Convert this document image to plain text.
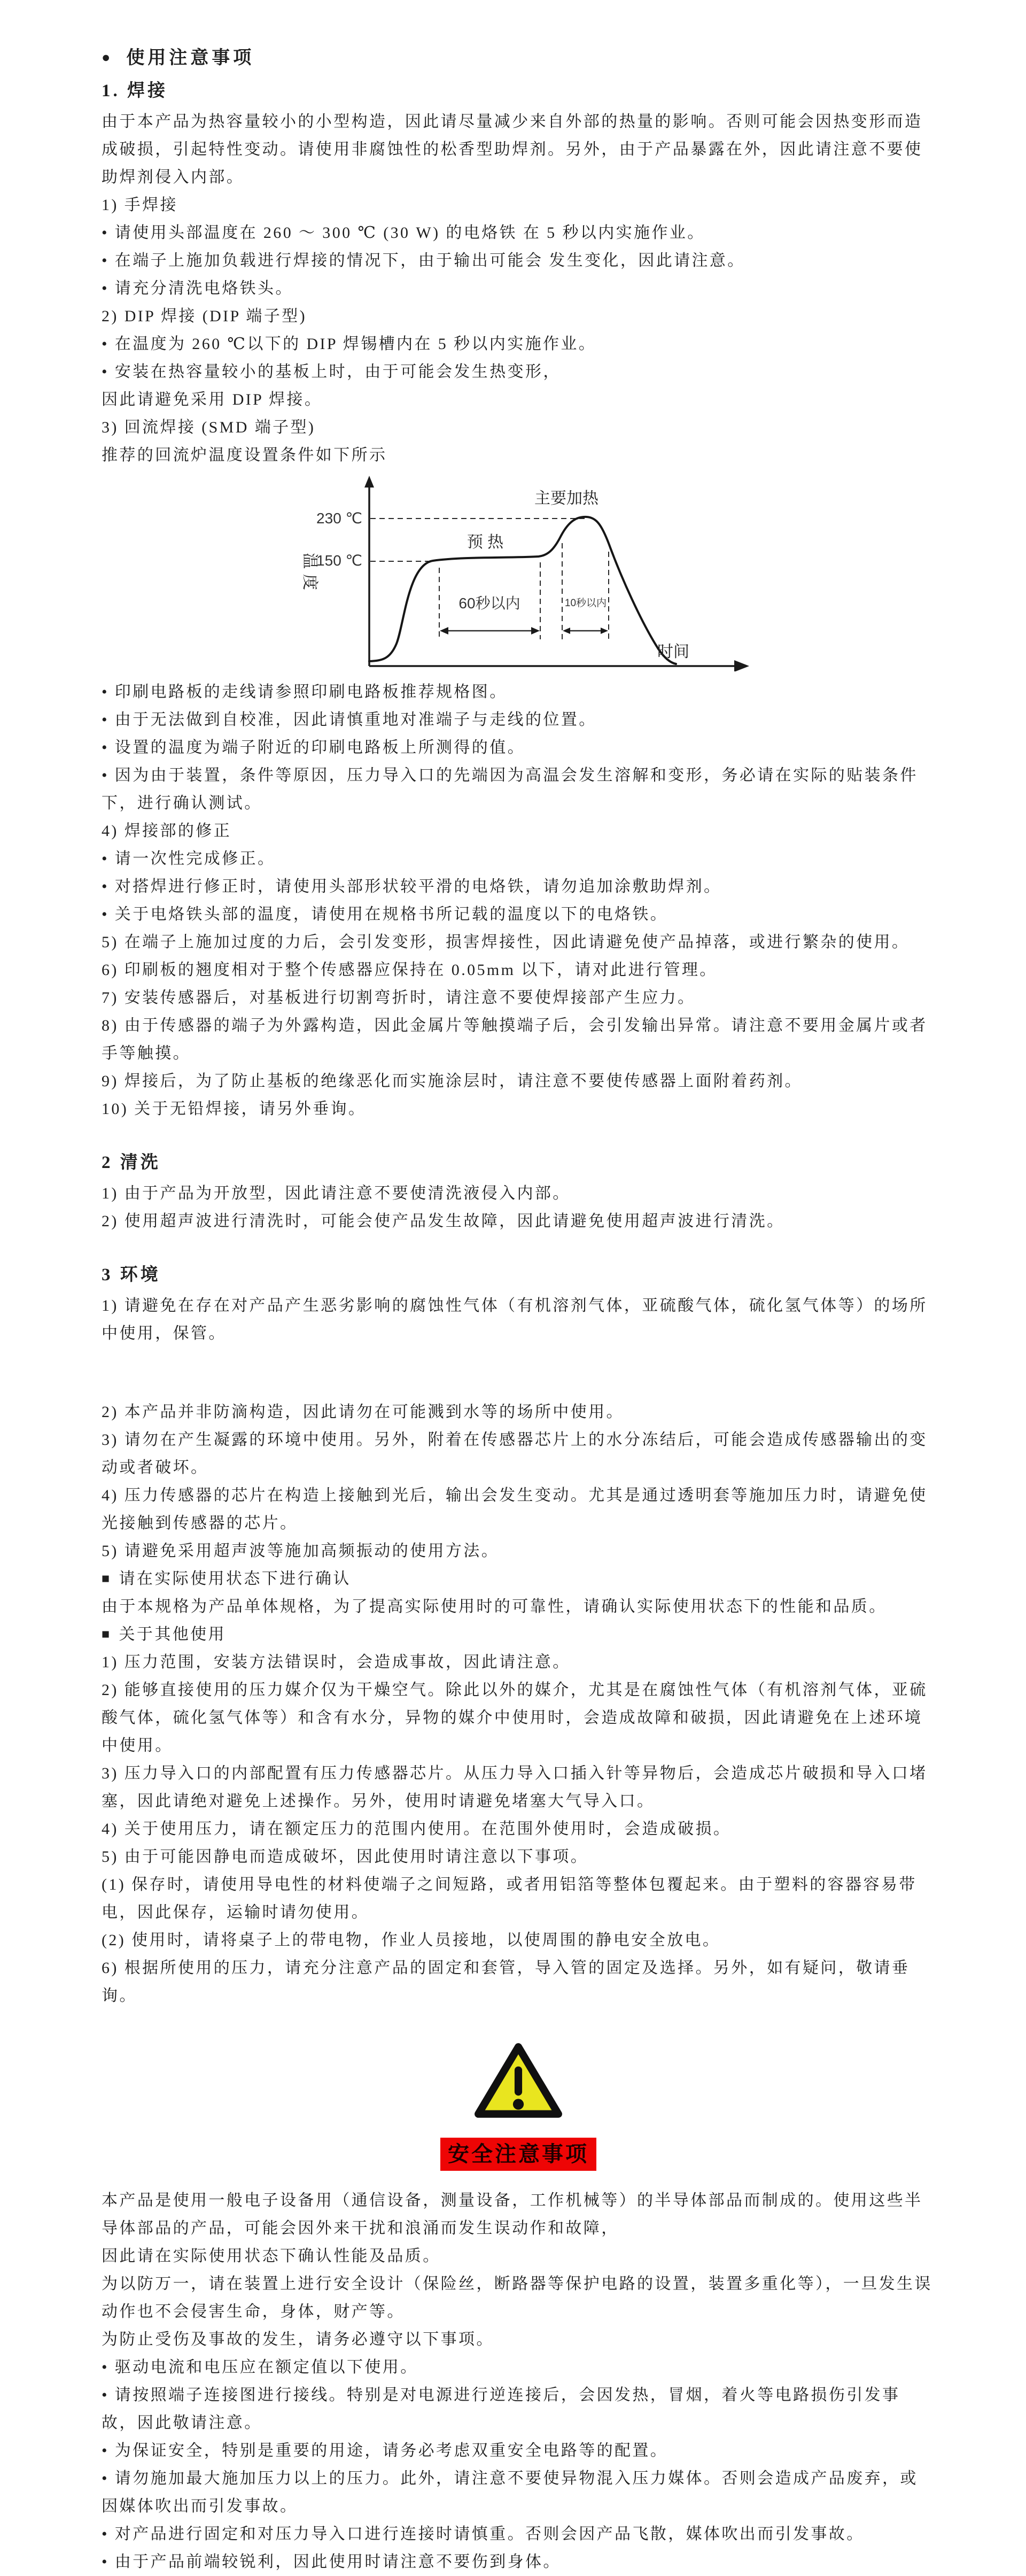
● 使用注意事项
1. 焊接
由于本产品为热容量较小的小型构造，因此请尽量减少来自外部的热量的影响。否则可能会因热变形而造成破损，引起特性变动。请使用非腐蚀性的松香型助焊剂。另外，由于产品暴露在外，因此请注意不要使助焊剂侵入内部。
1) 手焊接
• 请使用头部温度在 260 ～ 300 ℃ (30 W) 的电烙铁 在 5 秒以内实施作业。
• 在端子上施加负载进行焊接的情况下，由于输出可能会 发生变化，因此请注意。
• 请充分清洗电烙铁头。
2) DIP 焊接 (DIP 端子型)
• 在温度为 260 ℃以下的 DIP 焊锡槽内在 5 秒以内实施作业。
• 安装在热容量较小的基板上时，由于可能会发生热变形，
因此请避免采用 DIP 焊接。
3) 回流焊接 (SMD 端子型)
推荐的回流炉温度设置条件如下所示
主要加热
预 热
230 ℃
150 ℃
温度
60秒以内	10秒以内
时间
• 印刷电路板的走线请参照印刷电路板推荐规格图。
• 由于无法做到自校准，因此请慎重地对准端子与走线的位置。
• 设置的温度为端子附近的印刷电路板上所测得的值。
• 因为由于装置，条件等原因，压力导入口的先端因为高温会发生溶解和变形，务必请在实际的贴装条件下，进行确认测试。
4) 焊接部的修正
• 请一次性完成修正。
• 对搭焊进行修正时，请使用头部形状较平滑的电烙铁，请勿追加涂敷助焊剂。
• 关于电烙铁头部的温度，请使用在规格书所记载的温度以下的电烙铁。
5) 在端子上施加过度的力后，会引发变形，损害焊接性，因此请避免使产品掉落，或进行繁杂的使用。
6) 印刷板的翘度相对于整个传感器应保持在 0.05mm 以下，请对此进行管理。
7) 安装传感器后，对基板进行切割弯折时，请注意不要使焊接部产生应力。
8) 由于传感器的端子为外露构造，因此金属片等触摸端子后，会引发输出异常。请注意不要用金属片或者手等触摸。
9) 焊接后，为了防止基板的绝缘恶化而实施涂层时，请注意不要使传感器上面附着药剂。
10) 关于无铅焊接，请另外垂询。
2 清洗
1) 由于产品为开放型，因此请注意不要使清洗液侵入内部。
2) 使用超声波进行清洗时，可能会使产品发生故障，因此请避免使用超声波进行清洗。
3 环境
1) 请避免在存在对产品产生恶劣影响的腐蚀性气体（有机溶剂气体，亚硫酸气体，硫化氢气体等）的场所中使用，保管。
2) 本产品并非防滴构造，因此请勿在可能溅到水等的场所中使用。
3) 请勿在产生凝露的环境中使用。另外，附着在传感器芯片上的水分冻结后，可能会造成传感器输出的变动或者破坏。
4) 压力传感器的芯片在构造上接触到光后，输出会发生变动。尤其是通过透明套等施加压力时，请避免使光接触到传感器的芯片。
5) 请避免采用超声波等施加高频振动的使用方法。
■ 请在实际使用状态下进行确认
由于本规格为产品单体规格，为了提高实际使用时的可靠性，请确认实际使用状态下的性能和品质。
■ 关于其他使用
1) 压力范围，安装方法错误时，会造成事故，因此请注意。
2) 能够直接使用的压力媒介仅为干燥空气。除此以外的媒介，尤其是在腐蚀性气体（有机溶剂气体，亚硫酸气体，硫化氢气体等）和含有水分，异物的媒介中使用时，会造成故障和破损，因此请避免在上述环境中使用。
3) 压力导入口的内部配置有压力传感器芯片。从压力导入口插入针等异物后，会造成芯片破损和导入口堵塞，因此请绝对避免上述操作。另外，使用时请避免堵塞大气导入口。
4) 关于使用压力，请在额定压力的范围内使用。在范围外使用时，会造成破损。
5) 由于可能因静电而造成破坏，因此使用时请注意以下事项。
(1) 保存时，请使用导电性的材料使端子之间短路，或者用铝箔等整体包覆起来。由于塑料的容器容易带电，因此保存，运输时请勿使用。
(2) 使用时，请将桌子上的带电物，作业人员接地，以使周围的静电安全放电。
6) 根据所使用的压力，请充分注意产品的固定和套管，导入管的固定及选择。另外，如有疑问，敬请垂询。
安全注意事项
本产品是使用一般电子设备用（通信设备，测量设备，工作机械等）的半导体部品而制成的。使用这些半导体部品的产品，可能会因外来干扰和浪涌而发生误动作和故障，
因此请在实际使用状态下确认性能及品质。
为以防万一，请在装置上进行安全设计（保险丝，断路器等保护电路的设置，装置多重化等），一旦发生误动作也不会侵害生命，身体，财产等。
为防止受伤及事故的发生，请务必遵守以下事项。
• 驱动电流和电压应在额定值以下使用。
• 请按照端子连接图进行接线。特别是对电源进行逆连接后，会因发热，冒烟，着火等电路损伤引发事故，因此敬请注意。
• 为保证安全，特别是重要的用途，请务必考虑双重安全电路等的配置。
• 请勿施加最大施加压力以上的压力。此外，请注意不要使异物混入压力媒体。否则会造成产品废弃，或因媒体吹出而引发事故。
• 对产品进行固定和对压力导入口进行连接时请慎重。否则会因产品飞散，媒体吹出而引发事故。
• 由于产品前端较锐利，因此使用时请注意不要伤到身体。
